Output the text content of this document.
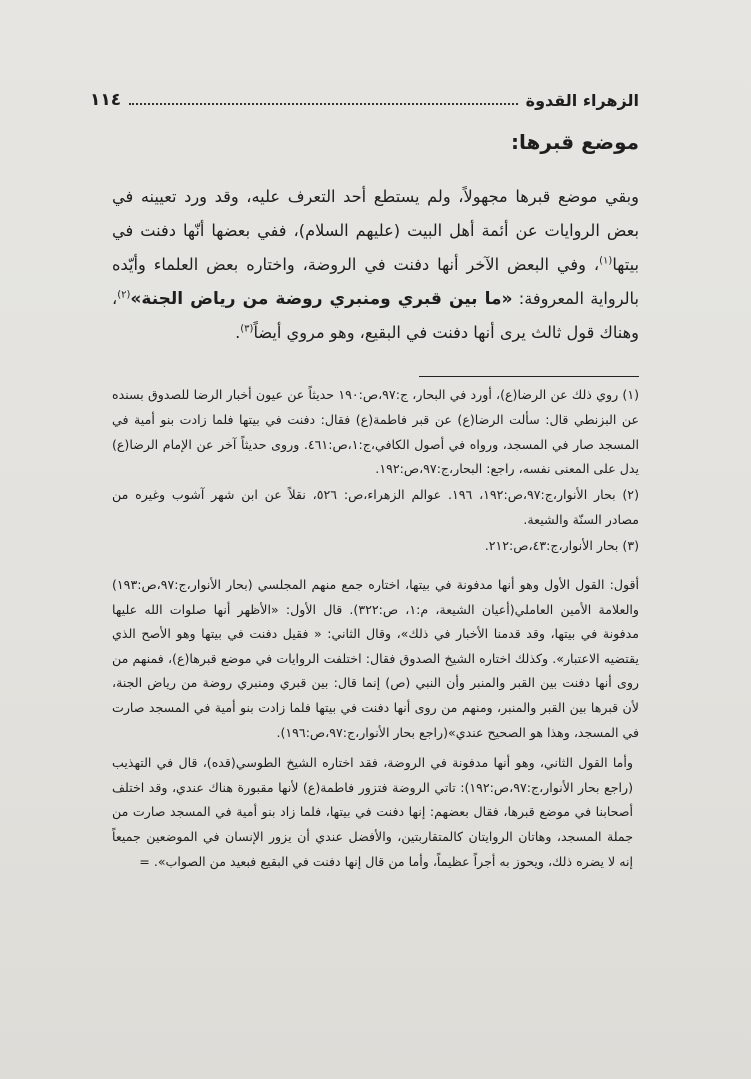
الزهراء القدوة
١١٤
موضع قبرها:

وبقي موضع قبرها مجهولاً، ولم يستطع أحد التعرف عليه، وقد ورد تعيينه في بعض الروايات عن أئمة أهل البيت (عليهم السلام)، ففي بعضها أنّها دفنت في بيتها$^{(١)}$، وفي البعض الآخر أنها دفنت في الروضة، واختاره بعض العلماء وأيّده بالرواية المعروفة: «ما بين قبري ومنبري روضة من رياض الجنة»$^{(٢)}$، وهناك قول ثالث يرى أنها دفنت في البقيع، وهو مروي أيضاً$^{(٣)}$.

(١) روي ذلك عن الرضا(ع)، أورد في البحار، ج:٩٧،ص:١٩٠ حديثاً عن عيون أخبار الرضا للصدوق بسنده عن البزنطي قال: سألت الرضا(ع) عن قبر فاطمة(ع) فقال: دفنت في بيتها فلما زادت بنو أمية في المسجد صار في المسجد، ورواه في أصول الكافي،ج:١،ص:٤٦١. وروى حديثاً آخر عن الإمام الرضا(ع) يدل على المعنى نفسه، راجع: البحار،ج:٩٧،ص:١٩٢.

(٢) بحار الأنوار،ج:٩٧،ص:١٩٢، ١٩٦. عوالم الزهراء،ص: ٥٢٦، نقلاً عن ابن شهر آشوب وغيره من مصادر السنّة والشيعة.

(٣) بحار الأنوار،ج:٤٣،ص:٢١٢.

أقول: القول الأول وهو أنها مدفونة في بيتها، اختاره جمع منهم المجلسي (بحار الأنوار،ج:٩٧،ص:١٩٣) والعلامة الأمين العاملي(أعيان الشيعة، م:١، ص:٣٢٢). قال الأول: «الأظهر أنها صلوات الله عليها مدفونة في بيتها، وقد قدمنا الأخبار في ذلك»، وقال الثاني: « فقيل دفنت في بيتها وهو الأصح الذي يقتضيه الاعتبار». وكذلك اختاره الشيخ الصدوق فقال: اختلفت الروايات في موضع قبرها(ع)، فمنهم من روى أنها دفنت بين القبر والمنبر وأن النبي (ص) إنما قال: بين قبري ومنبري روضة من رياض الجنة، لأن قبرها بين القبر والمنبر، ومنهم من روى أنها دفنت في بيتها فلما زادت بنو أمية في المسجد صارت في المسجد، وهذا هو الصحيح عندي»(راجع بحار الأنوار،ج:٩٧،ص:١٩٦).

وأما القول الثاني، وهو أنها مدفونة في الروضة، فقد اختاره الشيخ الطوسي(قده)، قال في التهذيب (راجع بحار الأنوار،ج:٩٧،ص:١٩٢): تاتي الروضة فتزور فاطمة(ع) لأنها مقبورة هناك عندي، وقد اختلف أصحابنا في موضع قبرها، فقال بعضهم: إنها دفنت في بيتها، فلما زاد بنو أمية في المسجد صارت من جملة المسجد، وهاتان الروايتان كالمتقاربتين، والأفضل عندي أن يزور الإنسان في الموضعين جميعاً إنه لا يضره ذلك، ويحوز به أجراً عظيماً، وأما من قال إنها دفنت في البقيع فبعيد من الصواب». =
